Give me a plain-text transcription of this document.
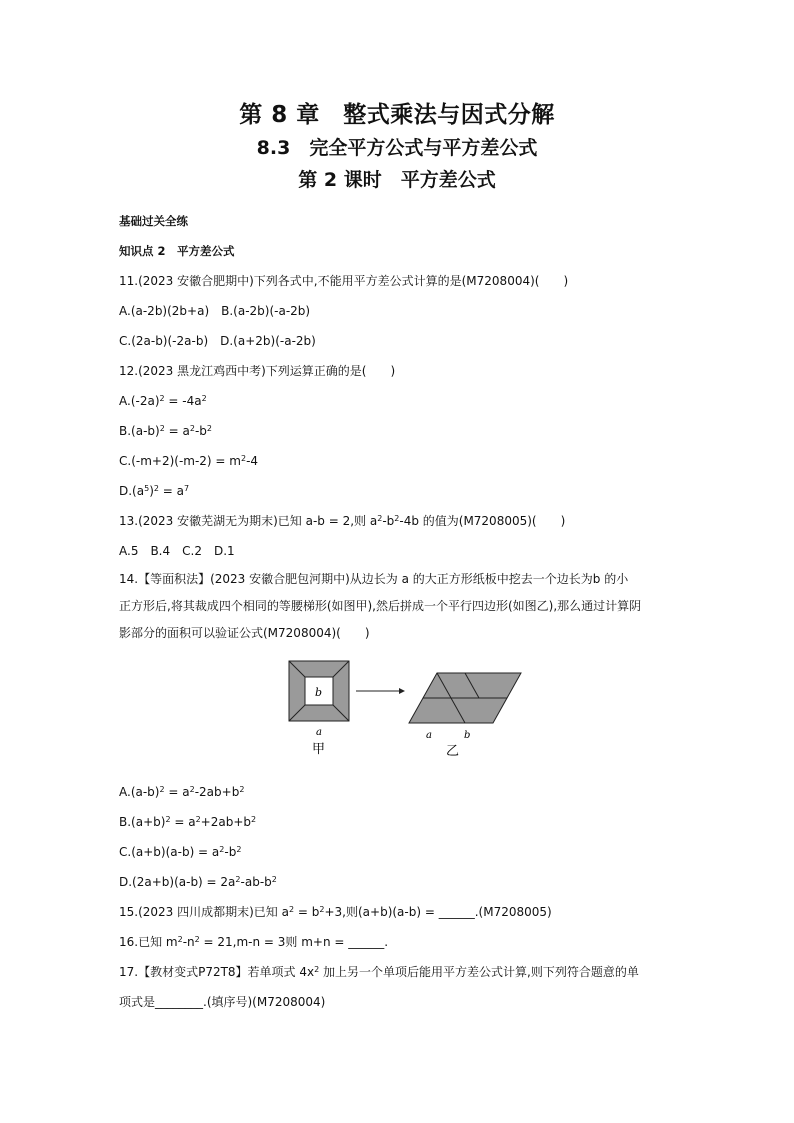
第 8 章　整式乘法与因式分解
8.3　完全平方公式与平方差公式
第 2 课时　平方差公式
基础过关全练
知识点 2　平方差公式
11.(2023 安徽合肥期中)下列各式中,不能用平方差公式计算的是(M7208004)(　　)
A.(a-2b)(2b+a)　B.(a-2b)(-a-2b)
C.(2a-b)(-2a-b)　D.(a+2b)(-a-2b)
12.(2023 黑龙江鸡西中考)下列运算正确的是(　　)
$A.(-2a)^2 = -4a^2$
$B.(a-b)^2 = a^2-b^2$
$C.(-m+2)(-m-2) = m^2-4$
$D.(a^5)^2 = a^7$
13.(2023 安徽芜湖无为期末)已知 a-b = 2,则 $a^2-b^2-4b$ 的值为(M7208005)(　　)
A.5　B.4　C.2　D.1
14.【等面积法】(2023 安徽合肥包河期中)从边长为 a 的大正方形纸板中挖去一个边长为b 的小
正方形后,将其裁成四个相同的等腰梯形(如图甲),然后拼成一个平行四边形(如图乙),那么通过计算阴
影部分的面积可以验证公式(M7208004)(　　)
b
a
甲
a	b
乙
$A.(a-b)^2 = a^2-2ab+b^2$
$B.(a+b)^2 = a^2+2ab+b^2$
$C.(a+b)(a-b) = a^2-b^2$
$D.(2a+b)(a-b) = 2a^2-ab-b^2$
15.(2023 四川成都期末)已知 $a^2 = b^2+3$,则(a+b)(a-b) = ______.(M7208005)
16.已知 $m^2-n^2 = 21,m-n = 3$则 m+n = ______.
17.【教材变式P72T8】若单项式 $4x^2$ 加上另一个单项后能用平方差公式计算,则下列符合题意的单
项式是________.(填序号)(M7208004)
